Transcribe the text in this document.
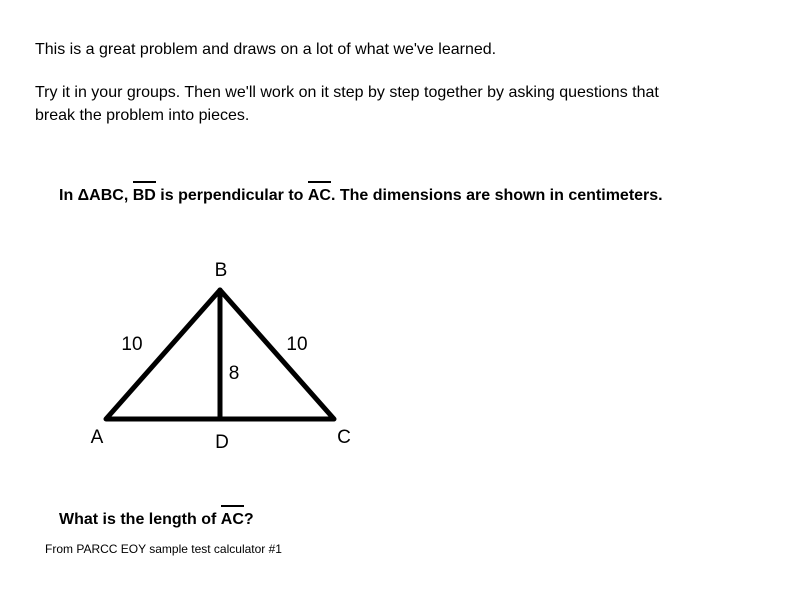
This is a great problem and draws on a lot of what we've learned.

Try it in your groups. Then we'll work on it step by step together by asking questions that

break the problem into pieces.

In ΔABC, BD is perpendicular to AC. The dimensions are shown in centimeters.

B
A	C
D
10	10
8

What is the length of AC?

From PARCC EOY sample test calculator #1
